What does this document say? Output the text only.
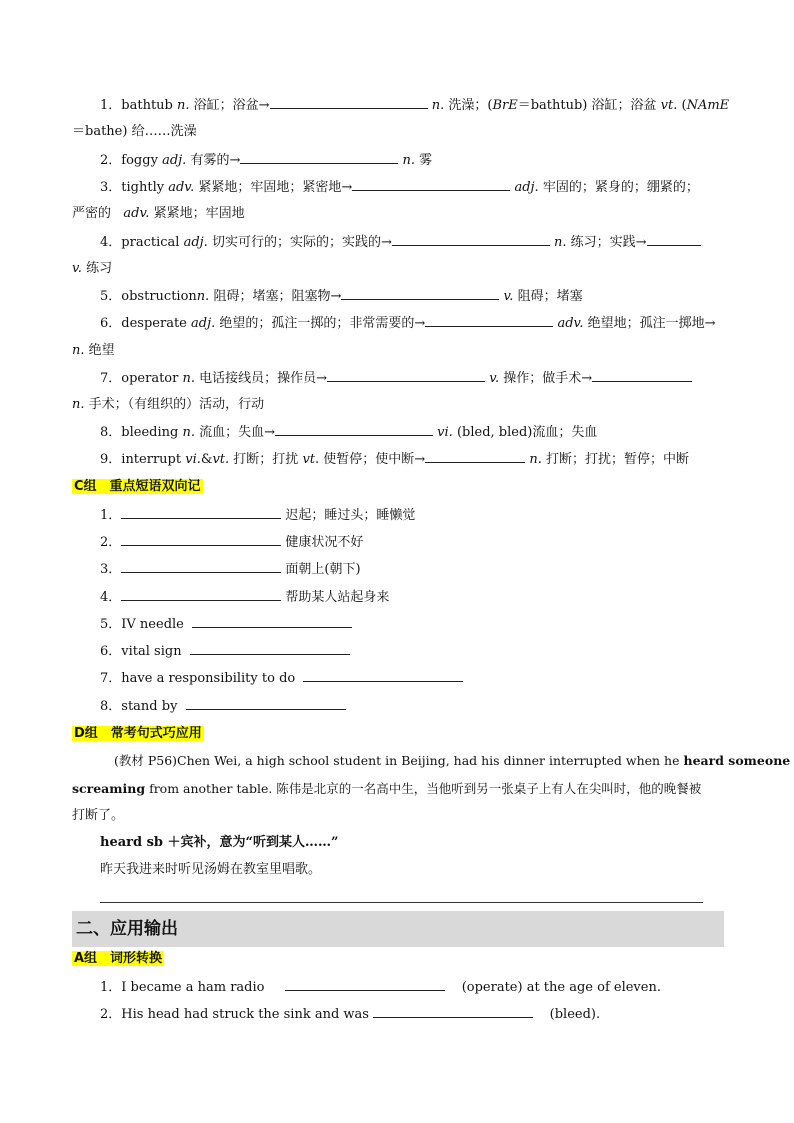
1．bathtub n. 浴缸；浴盆→	n. 洗澡；(BrE＝bathtub) 浴缸；浴盆 vt. (NAmE
＝bathe) 给……洗澡
2．foggy adj. 有雾的→	n. 雾
3．tightly adv. 紧紧地；牢固地；紧密地→	adj. 牢固的；紧身的；绷紧的；
严密的 adv. 紧紧地；牢固地
4．practical adj. 切实可行的；实际的；实践的→	n. 练习；实践→
v. 练习
5．obstructionn. 阻碍；堵塞；阻塞物→	v. 阻碍；堵塞
6．desperate adj. 绝望的；孤注一掷的；非常需要的→	adv. 绝望地；孤注一掷地→
n. 绝望
7．operator n. 电话接线员；操作员→	v. 操作；做手术→
n. 手术；（有组织的）活动，行动
8．bleeding n. 流血；失血→	vi. (bled, bled)流血；失血
9．interrupt vi.&vt. 打断；打扰 vt. 使暂停；使中断→	n. 打断；打扰；暂停；中断
C组　重点短语双向记
1．	迟起；睡过头；睡懒觉
2．	健康状况不好
3．	面朝上(朝下)
4．	帮助某人站起身来
5．IV needle
6．vital sign
7．have a responsibility to do
8．stand by
D组　常考句式巧应用
(教材 P56)Chen Wei, a high school student in Beijing, had his dinner interrupted when he heard someone
screaming from another table. 陈伟是北京的一名高中生，当他听到另一张桌子上有人在尖叫时，他的晚餐被
打断了。
heard sb ＋宾补，意为“听到某人……”
昨天我进来时听见汤姆在教室里唱歌。
二、应用输出
A组　词形转换
1．I became a ham radio	(operate) at the age of eleven.
2．His head had struck the sink and was	(bleed).
